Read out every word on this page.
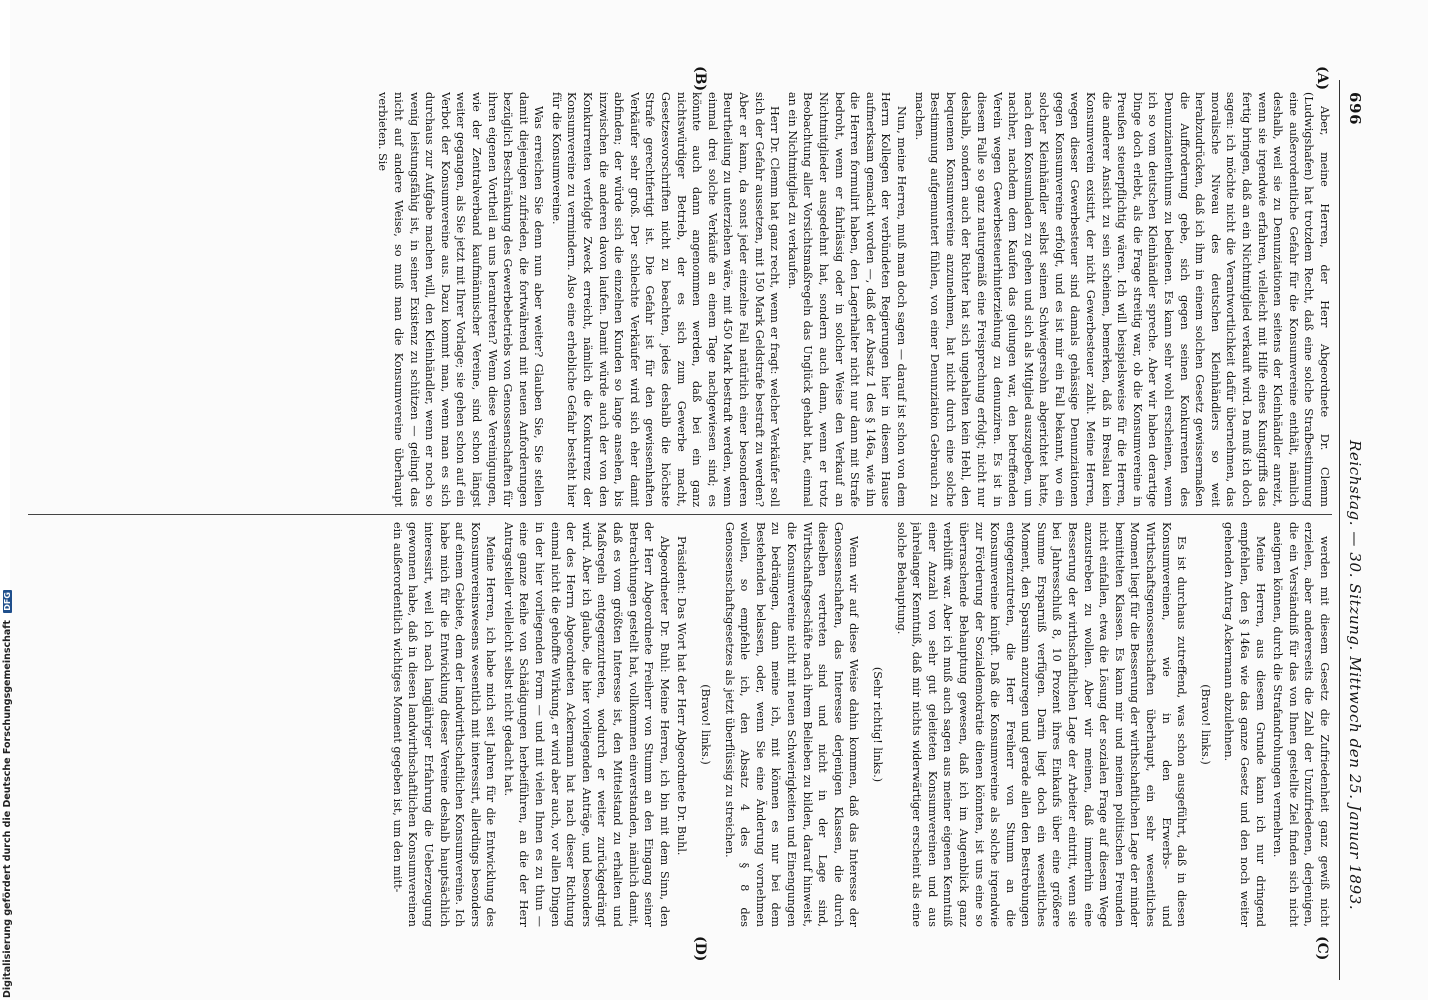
696
Reichstag. — 30. Sitzung. Mittwoch den 25. Januar 1893.
(A)
(B)
(C)
(D)

Aber, meine Herren, der Herr Abgeordnete Dr. Clemm (Ludwigshafen) hat trotzdem Recht, daß eine solche Strafbestimmung eine außerordentliche Gefahr für die Konsumvereine enthält, nämlich deshalb, weil sie zu Denunziationen seitens der Kleinhändler anreizt, wenn sie irgendwie erfahren, vielleicht mit Hilfe eines Kunstgriffs das fertig bringen, daß an ein Nichtmitglied verkauft wird. Da muß ich doch sagen: ich möchte nicht die Verantwortlichkeit dafür übernehmen, das moralische Niveau des deutschen Kleinhändlers so weit herabzudrücken, daß ich ihm in einem solchen Gesetz gewissermaßen die Aufforderung gebe, sich gegen seinen Konkurrenten des Denunziantenthums zu bedienen. Es kann sehr wohl erscheinen, wenn ich so vom deutschen Kleinhändler spreche. Aber wir haben derartige Dinge doch erlebt, als die Frage streitig war, ob die Konsumvereine in Preußen steuerpflichtig wären. Ich will beispielsweise für die Herren, die anderer Ansicht zu sein scheinen, bemerken, daß in Breslau kein Konsumverein existirt, der nicht Gewerbesteuer zahlt. Meine Herren, wegen dieser Gewerbesteuer sind damals gehässige Denunziationen gegen Konsumvereine erfolgt, und es ist mir ein Fall bekannt, wo ein solcher Kleinhändler selbst seinen Schwiegersohn abgerichtet hatte, nach dem Konsumladen zu gehen und sich als Mitglied auszugeben, um nachher, nachdem dem Kaufen das gelungen war, den betreffenden Verein wegen Gewerbesteuerhinterziehung zu denunziren. Es ist in diesem Falle so ganz naturgemäß eine Freisprechung erfolgt; nicht nur deshalb, sondern auch der Richter hat sich ungehalten kein Hehl, den bequemen Konsumvereine anzunehmen, hat nicht durch eine solche Bestimmung aufgemuntert fühlen, von einer Denunziation Gebrauch zu machen.

Nun, meine Herren, muß man doch sagen — darauf ist schon von dem Herrn Kollegen der verbündeten Regierungen hier in diesem Hause aufmerksam gemacht worden —, daß der Absatz 1 des § 146a, wie ihn die Herren formulirt haben, den Lagerhalter nicht nur dann mit Strafe bedroht, wenn er fahrlässig oder in solcher Weise den Verkauf an Nichtmitglieder ausgedehnt hat, sondern auch dann, wenn er trotz Beobachtung aller Vorsichtsmaßregeln das Unglück gehabt hat, einmal an ein Nichtmitglied zu verkaufen.

Herr Dr. Clemm hat ganz recht, wenn er fragt: welcher Verkäufer soll sich der Gefahr aussetzen, mit 150 Mark Geldstrafe bestraft zu werden? Aber er kann, da sonst jeder einzelne Fall natürlich einer besonderen Beurtheilung zu unterziehen wäre, mit 450 Mark bestraft werden, wenn einmal drei solche Verkäufe an einem Tage nachgewiesen sind; es könnte auch dann angenommen werden, daß bei ein ganz nichtswürdiger Betrieb, der es sich zum Gewerbe macht, Gesetzesvorschriften nicht zu beachten, jedes deshalb die höchste Strafe gerechtfertigt ist. Die Gefahr ist für den gewissenhaften Verkäufer sehr groß. Der schlechte Verkäufer wird sich eher damit abfinden; der würde sich die einzelnen Kunden so lange ansehen, bis inzwischen die anderen davon laufen. Damit würde auch der von den Konkurrenten verfolgte Zweck erreicht, nämlich die Konkurrenz der Konsumvereine zu vermindern. Also eine erhebliche Gefahr besteht hier für die Konsumvereine.

Was erreichen Sie denn nun aber weiter? Glauben Sie, Sie stellen damit diejenigen zufrieden, die fortwährend mit neuen Anforderungen bezüglich Beschränkung des Gewerbebetriebs von Genossenschaften für ihren eigenen Vortheil an uns herantreten? Wenn diese Vereinigungen, wie der Zentralverband kaufmännischer Vereine, sind schon längst weiter gegangen, als Sie jetzt mit Ihrer Vorlage; sie gehen schon auf ein Verbot der Konsumvereine aus. Dazu kommt man, wenn man es sich durchaus zur Aufgabe machen will, den Kleinhändler, wenn er noch so wenig leistungsfähig ist, in seiner Existenz zu schützen — gelingt das nicht auf andere Weise, so muß man die Konsumvereine überhaupt verbieten. Sie

werden mit diesem Gesetz die Zufriedenheit ganz gewiß nicht erzielen, aber andererseits die Zahl der Unzufriedenen, derjenigen, die ein Verständniß für das von Ihnen gestellte Ziel finden sich nicht aneignen können, durch die Strafandrohungen vermehren.

Meine Herren, aus diesem Grunde kann ich nur dringend empfehlen, den § 146a wie das ganze Gesetz und den noch weiter gehenden Antrag Ackermann abzulehnen.

(Bravo! links.)

Es ist durchaus zutreffend, was schon ausgeführt, daß in diesen Konsumvereinen, wie in den Erwerbs- und Wirthschaftsgenossenschaften überhaupt, ein sehr wesentliches Moment liegt für die Besserung der wirthschaftlichen Lage der minder bemittelten Klassen. Es kann mir und meinen politischen Freunden nicht einfallen, etwa die Lösung der sozialen Frage auf diesem Wege anzustreben zu wollen. Aber wir meinen, daß immerhin eine Besserung der wirthschaftlichen Lage der Arbeiter eintritt, wenn sie bei Jahresschluß 8, 10 Prozent ihres Einkaufs über eine größere Summe Ersparniß verfügen. Darin liegt doch ein wesentliches Moment, den Sparsinn anzuregen und gerade allen den Bestrebungen entgegenzutreten, die Herr Freiherr von Stumm an die Konsumvereine knüpft. Daß die Konsumvereine als solche irgendwie zur Förderung der Sozialdemokratie dienen könnten, ist uns eine so überraschende Behauptung gewesen, daß ich im Augenblick ganz verblüfft war. Aber ich muß auch sagen aus meiner eigenen Kenntniß einer Anzahl von sehr gut geleiteten Konsumvereinen und aus jahrelanger Kenntniß, daß mir nichts widerwärtiger erscheint als eine solche Behauptung.

(Sehr richtig! links.)

Wenn wir auf diese Weise dahin kommen, daß das Interesse der Genossenschaften, das Interesse derjenigen Klassen, die durch dieselben vertreten sind und nicht in der Lage sind, Wirthschaftsgeschäfte nach ihrem Belieben zu bilden, darauf hinweist, die Konsumvereine nicht mit neuen Schwierigkeiten und Einengungen zu bedrängen, dann meine ich, mit können es nur bei dem Bestehenden belassen, oder, wenn Sie eine Änderung vornehmen wollen, so empfehle ich, den Absatz 4 des § 8 des Genossenschaftsgesetzes als jetzt überflüssig zu streichen.

(Bravo! links.)

Präsident: Das Wort hat der Herr Abgeordnete Dr. Buhl.

Abgeordneter Dr. Buhl: Meine Herren, ich bin mit dem Sinn, den der Herr Abgeordnete Freiherr von Stumm an den Eingang seiner Betrachtungen gestellt hat, vollkommen einverstanden, nämlich damit, daß es vom größten Interesse ist, den Mittelstand zu erhalten und Maßregeln entgegenzutreten, wodurch er weiter zurückgedrängt wird. Aber ich glaube, die hier vorliegenden Anträge, und besonders der des Herrn Abgeordneten Ackermann hat nach dieser Richtung einmal nicht die gehoffte Wirkung, er wird aber auch, vor allen Dingen in der hier vorliegenden Form — und mit vielen Ihnen es zu thun — eine ganze Reihe von Schädigungen herbeiführen, an die der Herr Antragsteller vielleicht selbst nicht gedacht hat.

Meine Herren, ich habe mich seit Jahren für die Entwicklung des Konsumvereinswesens wesentlich mit interessirt, allerdings besonders auf einem Gebiete, dem der landwirthschaftlichen Konsumvereine. Ich habe mich für die Entwicklung dieser Vereine deshalb hauptsächlich interessirt, weil ich nach langjähriger Erfahrung die Ueberzeugung gewonnen habe, daß in diesen landwirthschaftlichen Konsumvereinen ein außerordentlich wichtiges Moment gegeben ist, um den mitt-

Digitalisierung gefördert durch die Deutsche Forschungsgemeinschaft DFG
